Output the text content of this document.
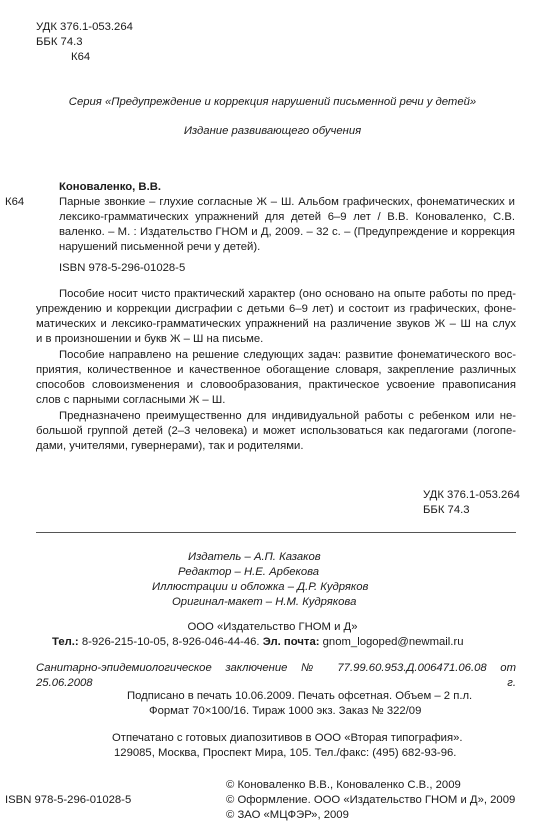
УДК 376.1-053.264
ББК 74.3
К64
Серия «Предупреждение и коррекция нарушений письменной речи у детей»
Издание развивающего обучения
К64
Коноваленко, В.В.
Парные звонкие – глухие согласные Ж – Ш. Альбом графических, фонематических и
лексико-грамматических упражнений для детей 6–9 лет / В.В. Коноваленко, С.В.
валенко. – М. : Издательство ГНОМ и Д, 2009. – 32 с. – (Предупреждение и коррекция
нарушений письменной речи у детей).
ISBN 978-5-296-01028-5
Пособие носит чисто практический характер (оно основано на опыте работы по пред-
упреждению и коррекции дисграфии с детьми 6–9 лет) и состоит из графических, фоне-
матических и лексико-грамматических упражнений на различение звуков Ж – Ш на слух
и в произношении и букв Ж – Ш на письме.
Пособие направлено на решение следующих задач: развитие фонематического вос-
приятия, количественное и качественное обогащение словаря, закрепление различных
способов словоизменения и словообразования, практическое усвоение правописания
слов с парными согласными Ж – Ш.
Предназначено преимущественно для индивидуальной работы с ребенком или не-
большой группой детей (2–3 человека) и может использоваться как педагогами (логопе-
дами, учителями, гувернерами), так и родителями.
УДК 376.1-053.264
ББК 74.3
Издатель – А.П. Казаков
Редактор – Н.Е. Арбекова
Иллюстрации и обложка – Д.Р. Кудряков
Оригинал-макет – Н.М. Кудрякова
ООО «Издательство ГНОМ и Д»
Тел.: 8-926-215-10-05, 8-926-046-44-46. Эл. почта: gnom_logoped@newmail.ru
Санитарно-эпидемиологическое заключение № 77.99.60.953.Д.006471.06.08 от 25.06.2008 г.
Подписано в печать 10.06.2009. Печать офсетная. Объем – 2 п.л.
Формат 70×100/16. Тираж 1000 экз. Заказ № 322/09
Отпечатано с готовых диапозитивов в ООО «Вторая типография».
129085, Москва, Проспект Мира, 105. Тел./факс: (495) 682-93-96.
ISBN 978-5-296-01028-5
© Коноваленко В.В., Коноваленко С.В., 2009
© Оформление. ООО «Издательство ГНОМ и Д», 2009
© ЗАО «МЦФЭР», 2009
